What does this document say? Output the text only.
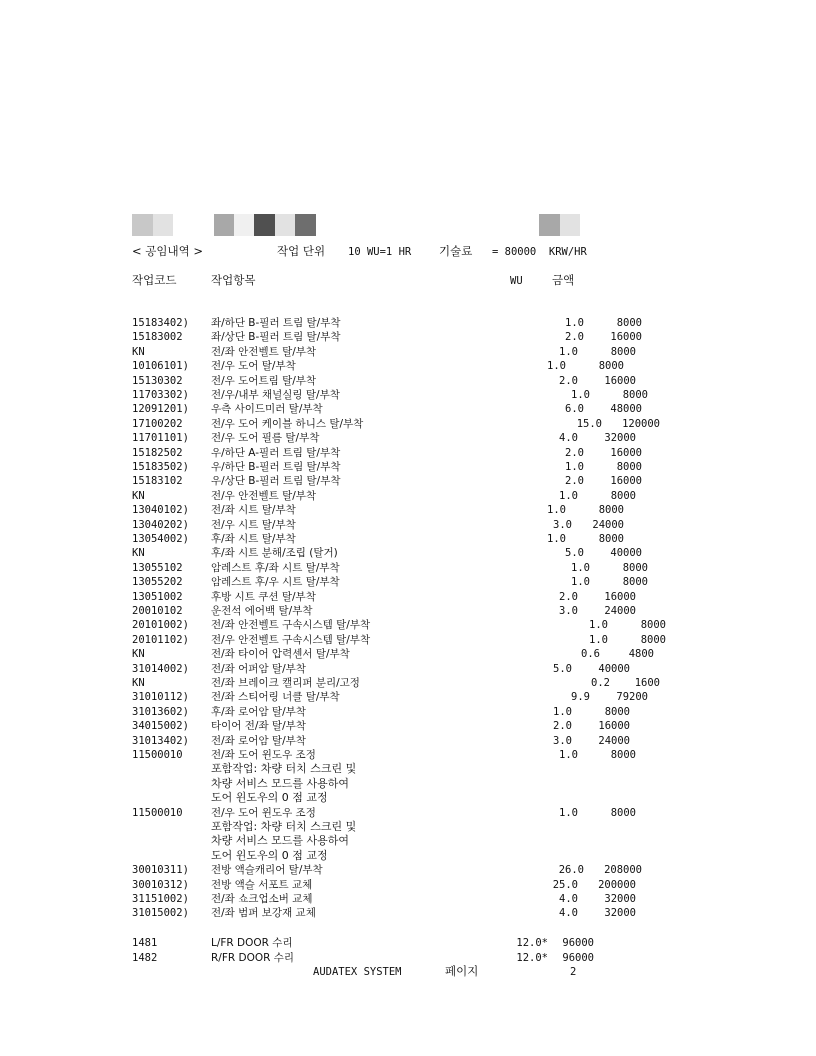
< 공임내역 >	작업 단위 10 WU=1 HR 기술료 = 80000  KRW/HR
작업코드	작업항목	WU	금액
15183402) 좌/하단 B-필러 트림 탈/부착	1.0	8000
15183002	좌/상단 B-필러 트림 탈/부착	2.0	16000
KN	전/좌 안전벨트 탈/부착	1.0	8000
10106101) 전/우 도어 탈/부착	1.0	8000
15130302	전/우 도어트림 탈/부착	2.0	16000
11703302) 전/우/내부 채널실링 탈/부착	1.0	8000
12091201) 우측 사이드미러 탈/부착	6.0	48000
17100202	전/우 도어 케이블 하니스 탈/부착	15.0	120000
11701101) 전/우 도어 필름 탈/부착	4.0	32000
15182502	우/하단 A-필러 트림 탈/부착	2.0	16000
15183502) 우/하단 B-필러 트림 탈/부착	1.0	8000
15183102	우/상단 B-필러 트림 탈/부착	2.0	16000
KN	전/우 안전벨트 탈/부착	1.0	8000
13040102) 전/좌 시트 탈/부착	1.0	8000
13040202) 전/우 시트 탈/부착	3.0	24000
13054002) 후/좌 시트 탈/부착	1.0	8000
KN	후/좌 시트 분해/조립 (탈거)	5.0	40000
13055102	암레스트 후/좌 시트 탈/부착	1.0	8000
13055202	암레스트 후/우 시트 탈/부착	1.0	8000
13051002	후방 시트 쿠션 탈/부착	2.0	16000
20010102	운전석 에어백 탈/부착	3.0	24000
20101002) 전/좌 안전벨트 구속시스템 탈/부착	1.0	8000
20101102) 전/우 안전벨트 구속시스템 탈/부착	1.0	8000
KN	전/좌 타이어 압력센서 탈/부착	0.6	4800
31014002) 전/좌 어퍼암 탈/부착	5.0	40000
KN	전/좌 브레이크 캘리퍼 분리/고정	0.2	1600
31010112) 전/좌 스티어링 너클 탈/부착	9.9	79200
31013602) 후/좌 로어암 탈/부착	1.0	8000
34015002) 타이어 전/좌 탈/부착	2.0	16000
31013402) 전/좌 로어암 탈/부착	3.0	24000
11500010	전/좌 도어 윈도우 조정	1.0	8000
포함작업: 차량 터치 스크린 및
차량 서비스 모드를 사용하여
도어 윈도우의 0 점 교정
11500010	전/우 도어 윈도우 조정	1.0	8000
포함작업: 차량 터치 스크린 및
차량 서비스 모드를 사용하여
도어 윈도우의 0 점 교정
30010311) 전방 액슬캐리어 탈/부착	26.0	208000
30010312) 전방 액슬 서포트 교체	25.0	200000
31151002) 전/좌 쇼크업소버 교체	4.0	32000
31015002) 전/좌 범퍼 보강재 교체	4.0	32000
1481	L/FR DOOR 수리	12.0*	96000
1482	R/FR DOOR 수리	12.0*	96000
AUDATEX SYSTEM	페이지	2
